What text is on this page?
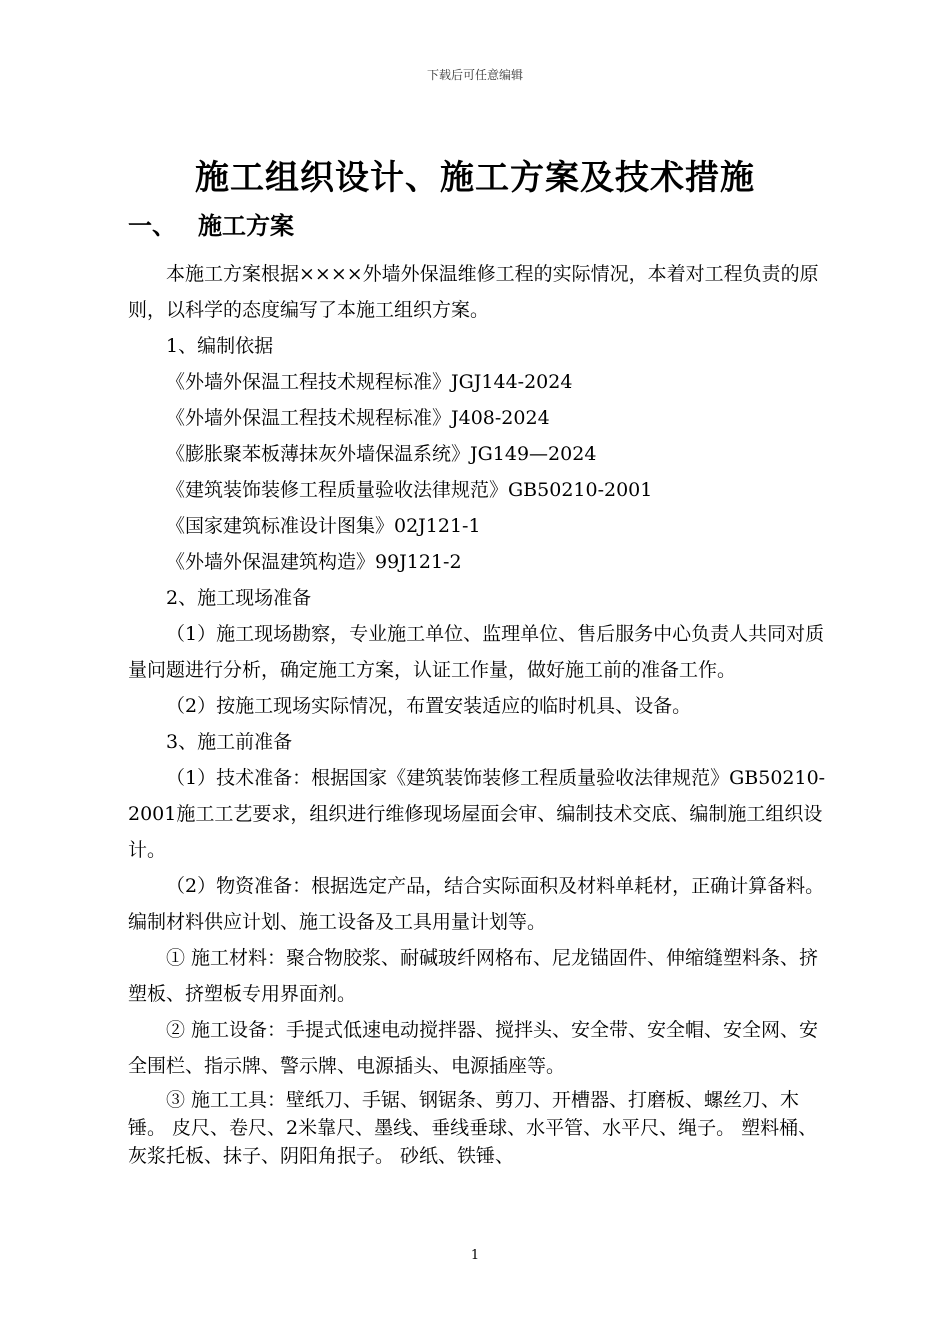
下载后可任意编辑
施工组织设计、施工方案及技术措施
一、 施工方案

本施工方案根据××××外墙外保温维修工程的实际情况，本着对工程负责的原则，以科学的态度编写了本施工组织方案。

1、编制依据

《外墙外保温工程技术规程标准》JGJ144-2024

《外墙外保温工程技术规程标准》J408-2024

《膨胀聚苯板薄抹灰外墙保温系统》JG149—2024

《建筑装饰装修工程质量验收法律规范》GB50210-2001

《国家建筑标准设计图集》02J121-1

《外墙外保温建筑构造》99J121-2

2、施工现场准备

（1）施工现场勘察，专业施工单位、监理单位、售后服务中心负责人共同对质量问题进行分析，确定施工方案，认证工作量，做好施工前的准备工作。

（2）按施工现场实际情况，布置安装适应的临时机具、设备。

3、施工前准备

（1）技术准备：根据国家《建筑装饰装修工程质量验收法律规范》GB50210-2001施工工艺要求，组织进行维修现场屋面会审、编制技术交底、编制施工组织设计。

（2）物资准备：根据选定产品，结合实际面积及材料单耗材，正确计算备料。编制材料供应计划、施工设备及工具用量计划等。

① 施工材料：聚合物胶浆、耐碱玻纤网格布、尼龙锚固件、伸缩缝塑料条、挤塑板、挤塑板专用界面剂。

② 施工设备：手提式低速电动搅拌器、搅拌头、安全带、安全帽、安全网、安全围栏、指示牌、警示牌、电源插头、电源插座等。

③ 施工工具：壁纸刀、手锯、钢锯条、剪刀、开槽器、打磨板、螺丝刀、木锤。 皮尺、卷尺、2米靠尺、墨线、垂线垂球、水平管、水平尺、绳子。 塑料桶、灰浆托板、抹子、阴阳角抿子。 砂纸、铁锤、

1
